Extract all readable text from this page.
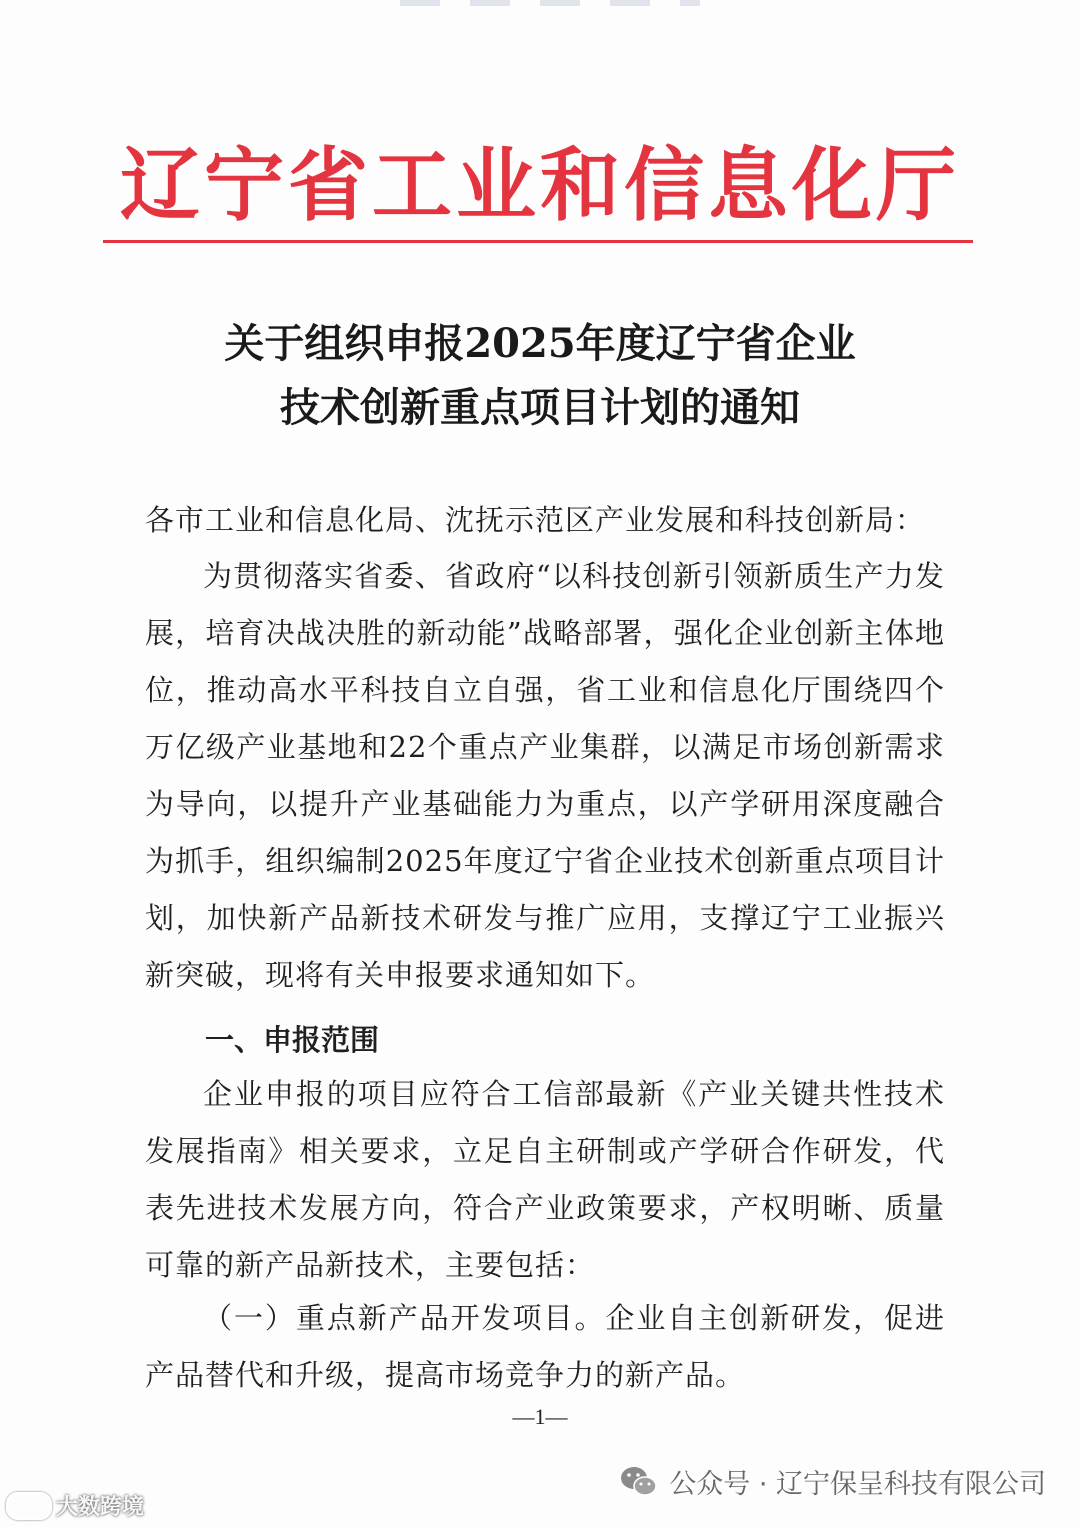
辽宁省工业和信息化厅
关于组织申报2025年度辽宁省企业
技术创新重点项目计划的通知
各市工业和信息化局、沈抚示范区产业发展和科技创新局：
为贯彻落实省委、省政府“以科技创新引领新质生产力发展，培育决战决胜的新动能”战略部署，强化企业创新主体地位，推动高水平科技自立自强，省工业和信息化厅围绕四个万亿级产业基地和22个重点产业集群，以满足市场创新需求为导向，以提升产业基础能力为重点，以产学研用深度融合为抓手，组织编制2025年度辽宁省企业技术创新重点项目计划，加快新产品新技术研发与推广应用，支撑辽宁工业振兴新突破，现将有关申报要求通知如下。
一、申报范围
企业申报的项目应符合工信部最新《产业关键共性技术发展指南》相关要求，立足自主研制或产学研合作研发，代表先进技术发展方向，符合产业政策要求，产权明晰、质量可靠的新产品新技术，主要包括：
（一）重点新产品开发项目。企业自主创新研发，促进产品替代和升级，提高市场竞争力的新产品。
—1—
大数跨境
公众号 · 辽宁保呈科技有限公司
